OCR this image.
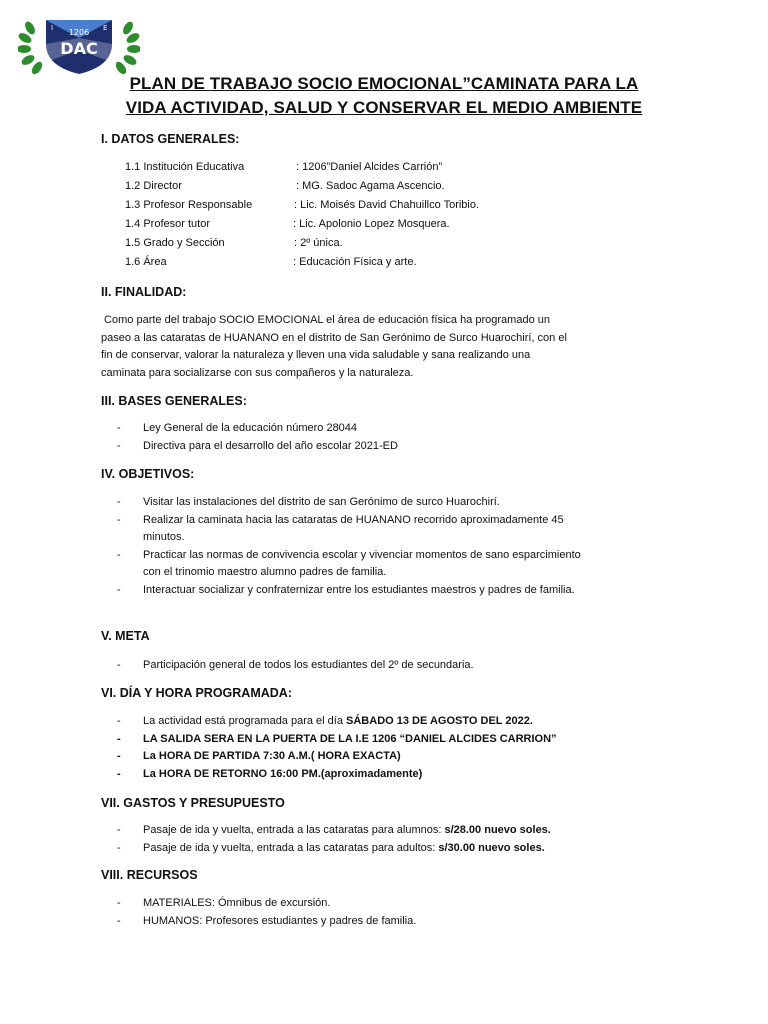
I	E
1206
DAC
PLAN DE TRABAJO SOCIO EMOCIONAL”CAMINATA PARA LA
VIDA ACTIVIDAD, SALUD Y CONSERVAR EL MEDIO AMBIENTE
I. DATOS GENERALES:
1.1 Institución Educativa	: 1206”Daniel Alcides Carrión”
1.2 Director	: MG. Sadoc Agama Ascencio.
1.3 Profesor Responsable	: Lic. Moisés David Chahuillco Toribio.
1.4 Profesor tutor	: Lic. Apolonio Lopez Mosquera.
1.5 Grado y Sección	: 2º única.
1.6 Área	: Educación Física y arte.
II. FINALIDAD:
Como parte del trabajo SOCIO EMOCIONAL el área de educación física ha programado un
paseo a las cataratas de HUANANO en el distrito de San Gerónimo de Surco Huarochirí, con el
fin de conservar, valorar la naturaleza y lleven una vida saludable y sana realizando una
caminata para socializarse con sus compañeros y la naturaleza.
III. BASES GENERALES:
- Ley General de la educación número 28044
- Directiva para el desarrollo del año escolar 2021-ED
IV. OBJETIVOS:
- Visitar las instalaciones del distrito de san Gerónimo de surco Huarochirí.
- Realizar la caminata hacia las cataratas de HUANANO recorrido aproximadamente 45 minutos.
- Practicar las normas de convivencia escolar y vivenciar momentos de sano esparcimiento con el trinomio maestro alumno padres de familia.
- Interactuar socializar y confraternizar entre los estudiantes maestros y padres de familia.
V. META
- Participación general de todos los estudiantes del 2º de secundaria.
VI. DÍA Y HORA PROGRAMADA:
- La actividad está programada para el día SÁBADO 13 DE AGOSTO DEL 2022.
- LA SALIDA SERA EN LA PUERTA DE LA I.E 1206 “DANIEL ALCIDES CARRION”
- La HORA DE PARTIDA 7:30 A.M.( HORA EXACTA)
- La HORA DE RETORNO 16:00 PM.(aproximadamente)
VII. GASTOS Y PRESUPUESTO
- Pasaje de ida y vuelta, entrada a las cataratas para alumnos: s/28.00 nuevo soles.
- Pasaje de ida y vuelta, entrada a las cataratas para adultos: s/30.00 nuevo soles.
VIII. RECURSOS
- MATERIALES: Ómnibus de excursión.
- HUMANOS: Profesores estudiantes y padres de familia.
